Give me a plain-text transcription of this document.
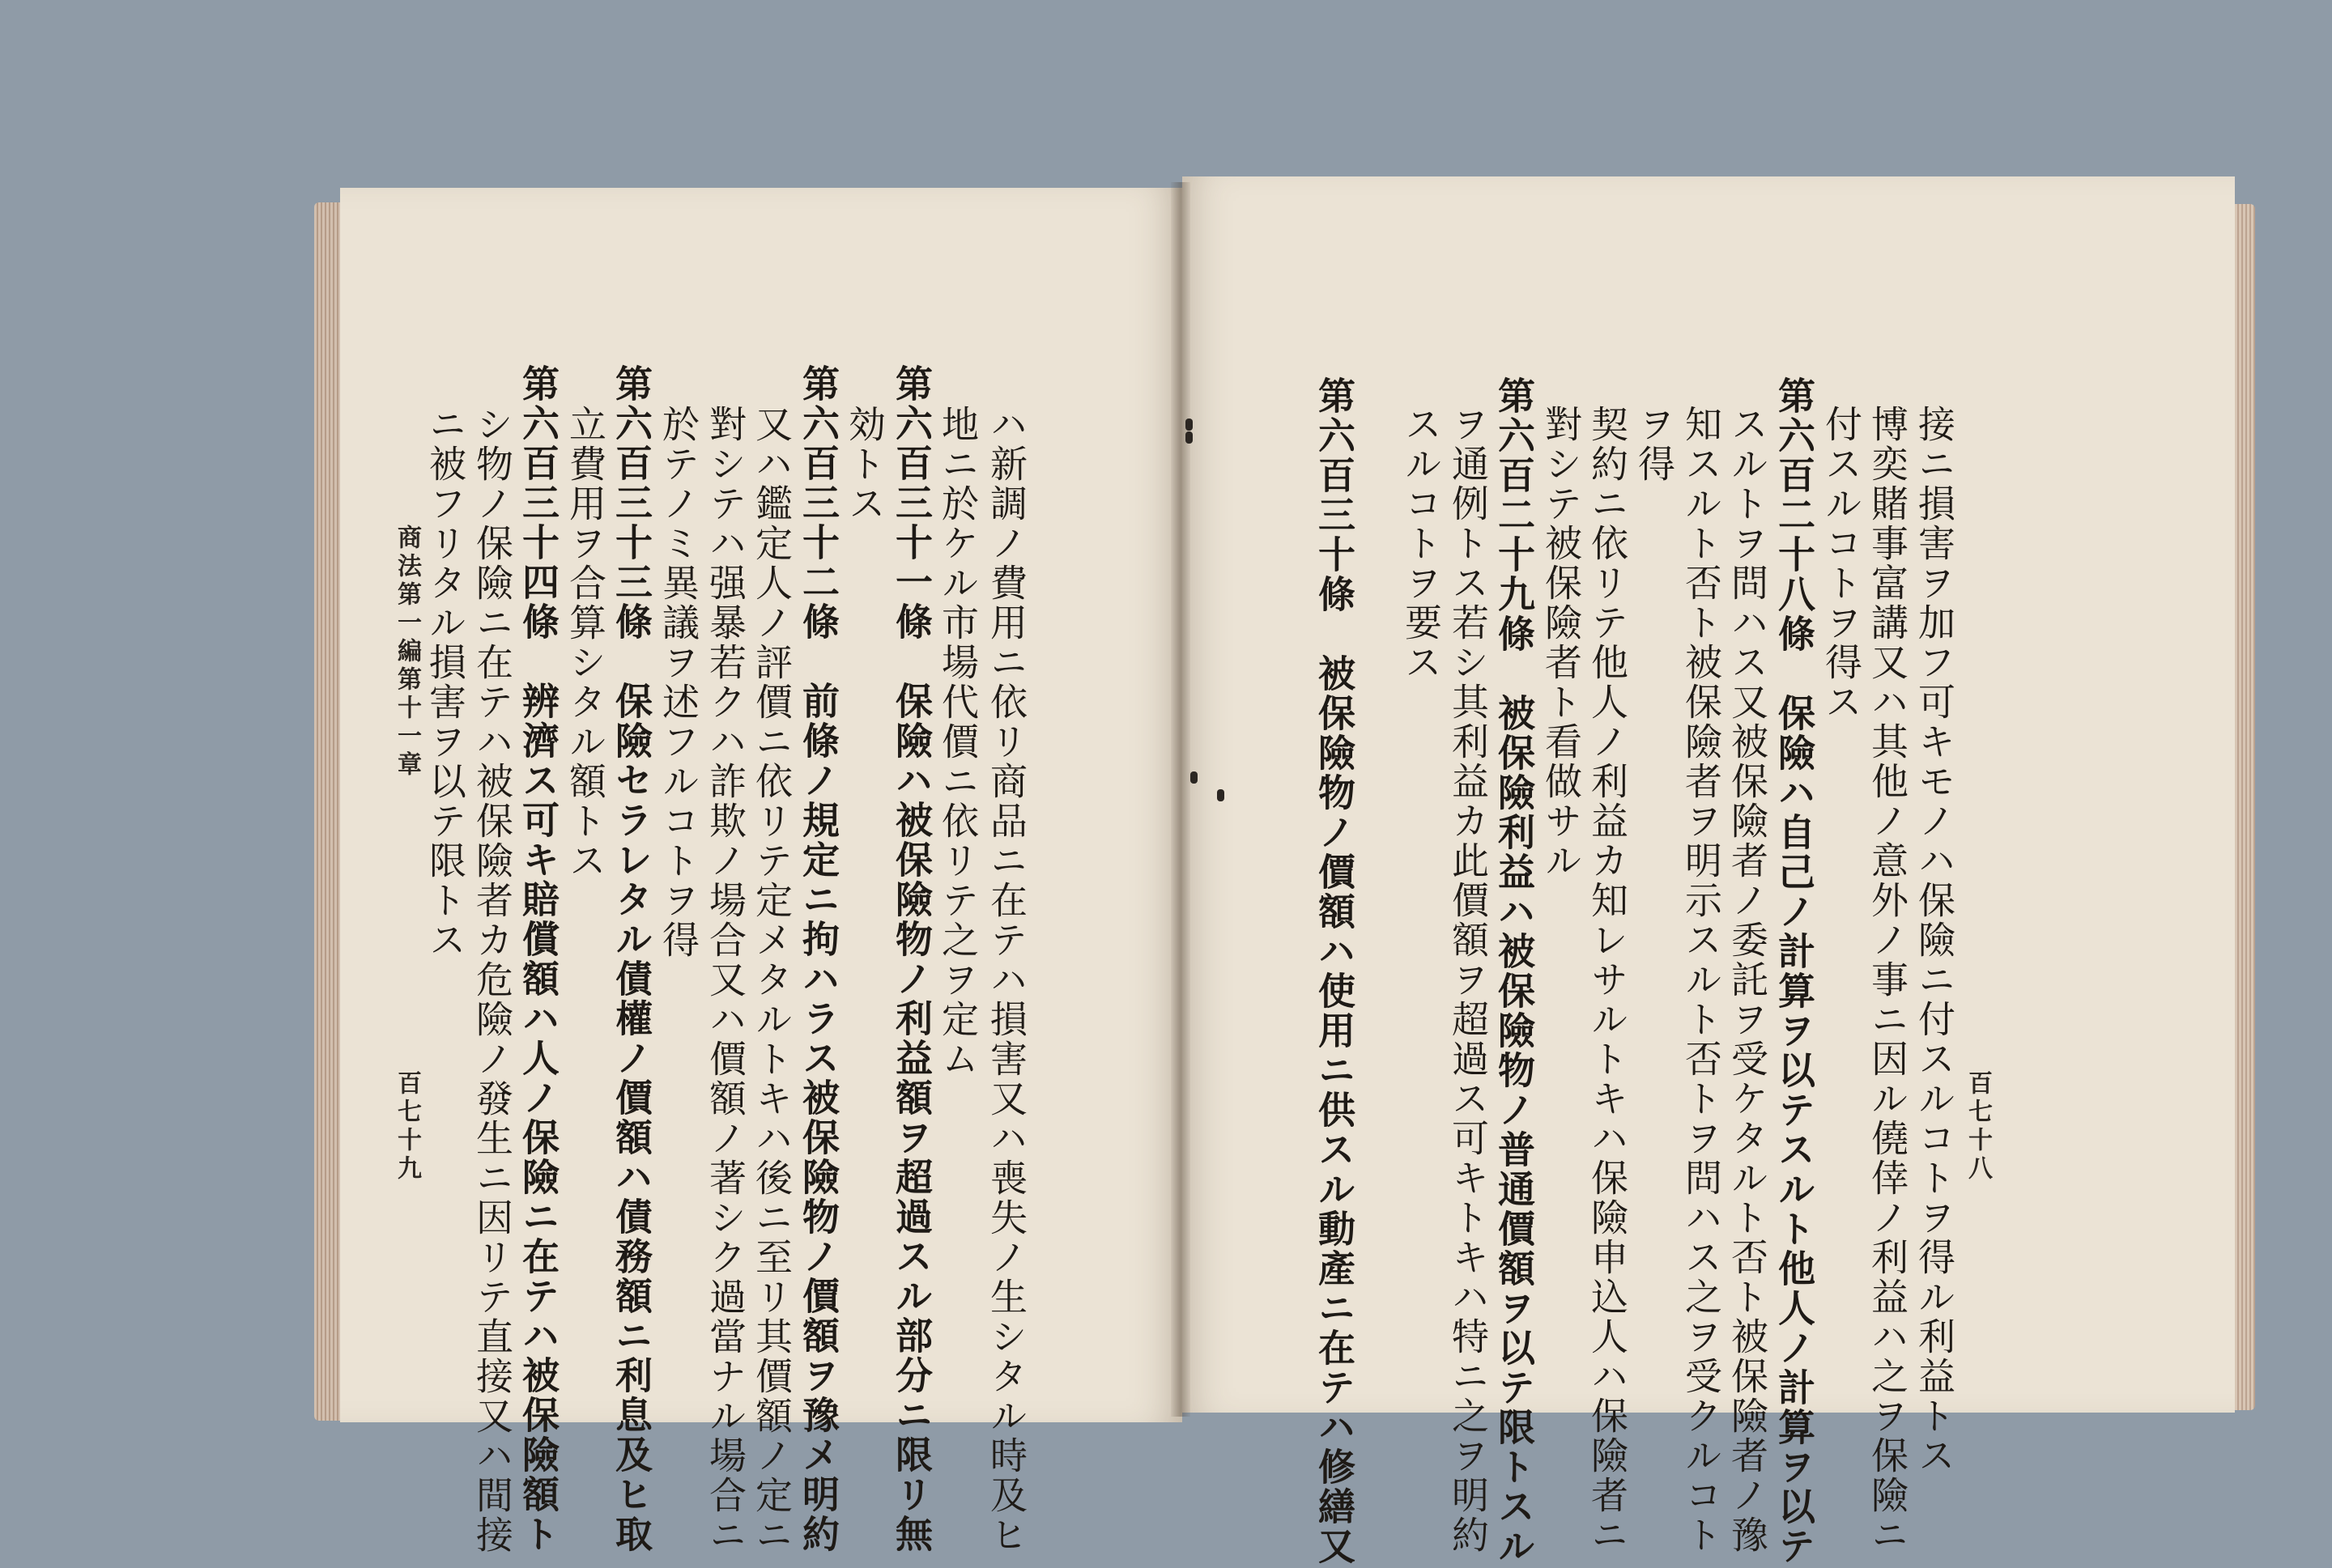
商法第一編第十一章
百七十九	ハ新調ノ費用ニ依リ商品ニ在テハ損害又ハ喪失ノ生シタル時及ヒ
地ニ於ケル市場代價ニ依リテ之ヲ定ム
第六百三十一條　保險ハ被保險物ノ利益額ヲ超過スル部分ニ限リ無
効トス
第六百三十二條　前條ノ規定ニ拘ハラス被保險物ノ價額ヲ豫メ明約
又ハ鑑定人ノ評價ニ依リテ定メタルトキハ後ニ至リ其價額ノ定ニ
對シテハ强暴若クハ詐欺ノ場合又ハ價額ノ著シク過當ナル場合ニ
於テノミ異議ヲ述フルコトヲ得
第六百三十三條　保險セラレタル債權ノ價額ハ債務額ニ利息及ヒ取
立費用ヲ合算シタル額トス
第六百三十四條　辨濟ス可キ賠償額ハ人ノ保險ニ在テハ被保險額ト
シ物ノ保險ニ在テハ被保險者カ危險ノ發生ニ因リテ直接又ハ間接
ニ被フリタル損害ヲ以テ限トス
百七十八
接ニ損害ヲ加フ可キモノハ保險ニ付スルコトヲ得ル利益トス
博奕賭事富講又ハ其他ノ意外ノ事ニ因ル僥倖ノ利益ハ之ヲ保險ニ
付スルコトヲ得ス
第六百二十八條　保險ハ自己ノ計算ヲ以テスルト他人ノ計算ヲ以テ
スルトヲ問ハス又被保險者ノ委託ヲ受ケタルト否ト被保險者ノ豫
知スルト否ト被保險者ヲ明示スルト否トヲ問ハス之ヲ受クルコト
ヲ得
契約ニ依リテ他人ノ利益カ知レサルトキハ保險申込人ハ保險者ニ
對シテ被保險者ト看做サル
第六百二十九條　被保險利益ハ被保險物ノ普通價額ヲ以テ限トスル
ヲ通例トス若シ其利益カ此價額ヲ超過ス可キトキハ特ニ之ヲ明約
スルコトヲ要ス
第六百三十條　被保險物ノ價額ハ使用ニ供スル動產ニ在テハ修繕又
